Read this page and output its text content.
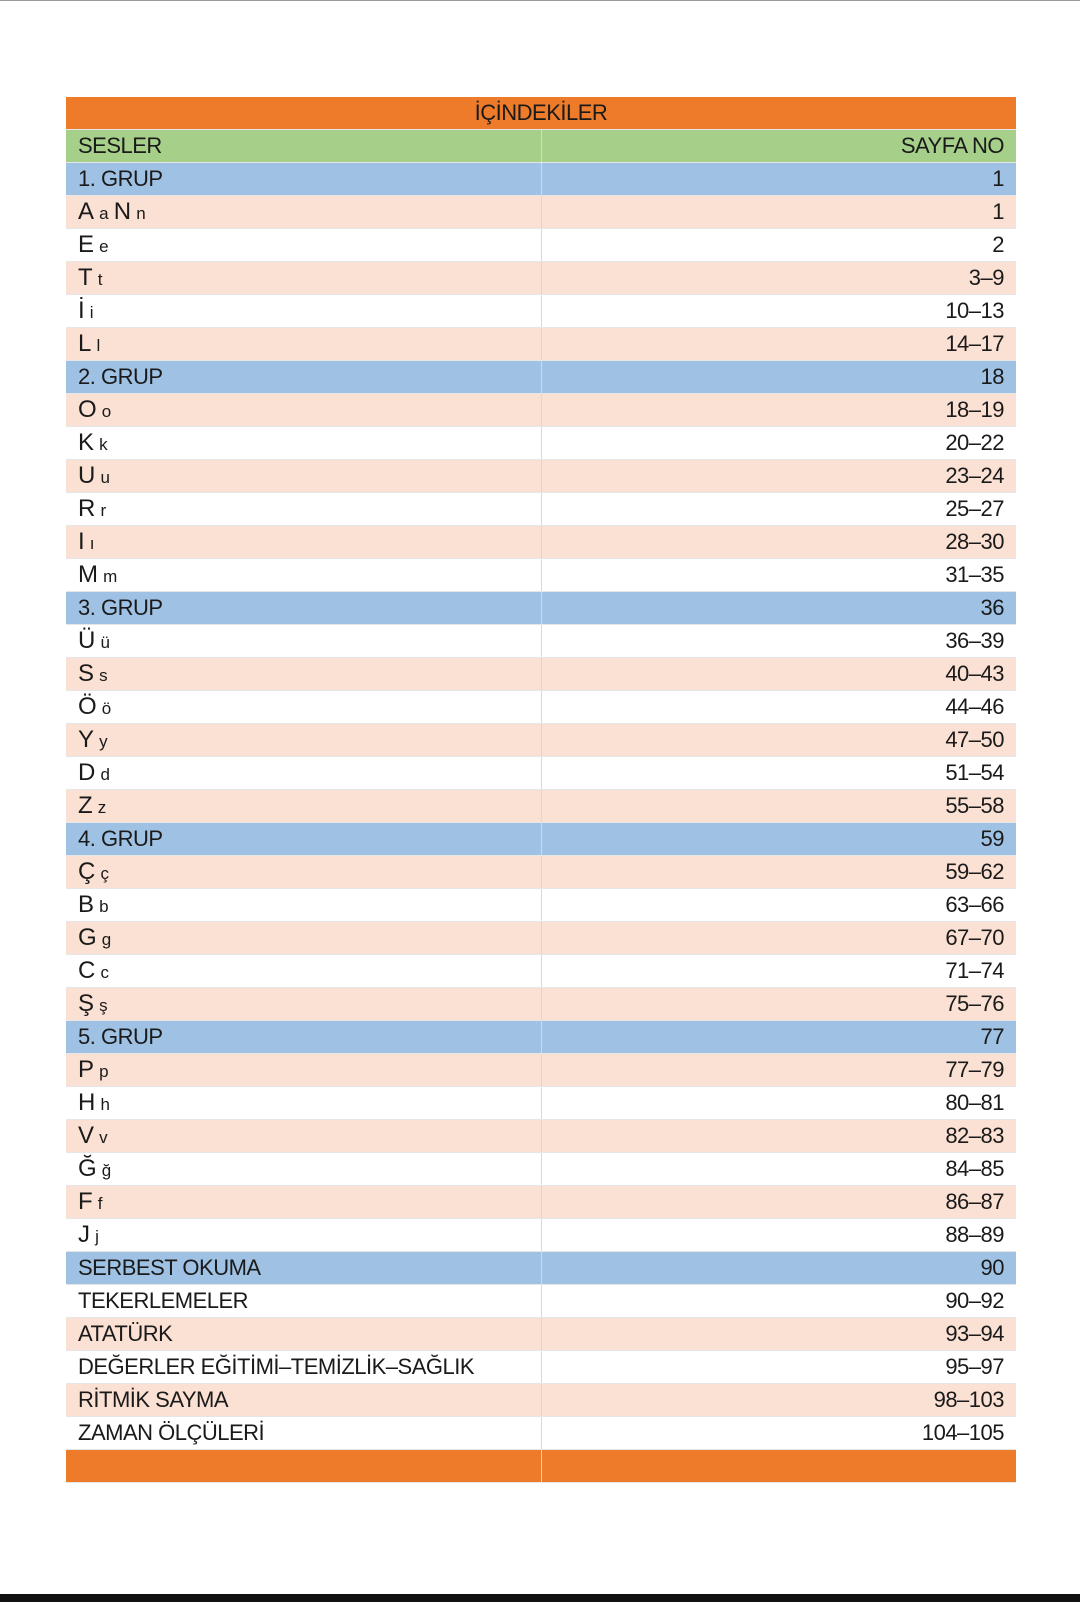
İÇİNDEKİLER	
SESLER	SAYFA NO
1. GRUP	1
A a N n	1
E e	2
T t	3–9
İ i	10–13
L l	14–17
2. GRUP	18
O o	18–19
K k	20–22
U u	23–24
R r	25–27
I ı	28–30
M m	31–35
3. GRUP	36
Ü ü	36–39
S s	40–43
Ö ö	44–46
Y y	47–50
D d	51–54
Z z	55–58
4. GRUP	59
Ç ç	59–62
B b	63–66
G g	67–70
C c	71–74
Ş ş	75–76
5. GRUP	77
P p	77–79
H h	80–81
V v	82–83
Ğ ğ	84–85
F f	86–87
J j	88–89
SERBEST OKUMA	90
TEKERLEMELER	90–92
ATATÜRK	93–94
DEĞERLER EĞİTİMİ–TEMİZLİK–SAĞLIK	95–97
RİTMİK SAYMA	98–103
ZAMAN ÖLÇÜLERİ	104–105
